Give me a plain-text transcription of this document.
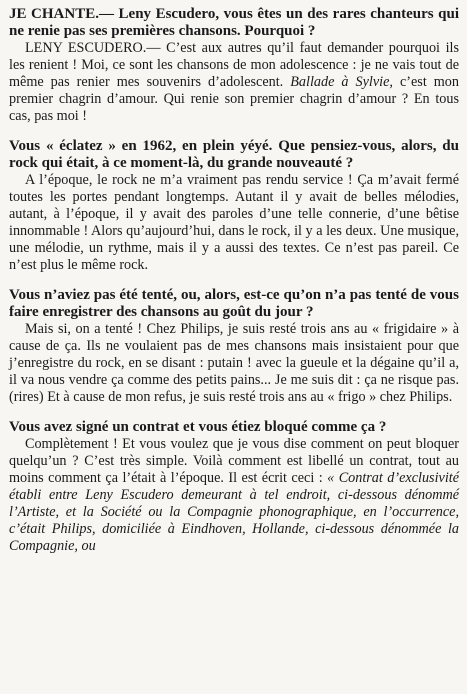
JE CHANTE.— Leny Escudero, vous êtes un des rares chanteurs qui ne renie pas ses premières chansons. Pourquoi ?

LENY ESCUDERO.— C’est aux autres qu’il faut demander pourquoi ils les renient ! Moi, ce sont les chansons de mon adolescence : je ne vais tout de même pas renier mes souvenirs d’adolescent. Ballade à Sylvie, c’est mon premier chagrin d’amour. Qui renie son premier chagrin d’amour ? En tous cas, pas moi !

Vous « éclatez » en 1962, en plein yéyé. Que pensiez-vous, alors, du rock qui était, à ce moment-là, du grande nouveauté ?

A l’époque, le rock ne m’a vraiment pas rendu service ! Ça m’avait fermé toutes les portes pendant longtemps. Autant il y avait de belles mélodies, autant, à l’époque, il y avait des paroles d’une telle connerie, d’une bêtise innommable ! Alors qu’aujourd’hui, dans le rock, il y a les deux. Une musique, une mélodie, un rythme, mais il y a aussi des textes. Ce n’est pas pareil. Ce n’est plus le même rock.

Vous n’aviez pas été tenté, ou, alors, est-ce qu’on n’a pas tenté de vous faire enregistrer des chansons au goût du jour ?

Mais si, on a tenté ! Chez Philips, je suis resté trois ans au « frigidaire » à cause de ça. Ils ne voulaient pas de mes chansons mais insistaient pour que j’enregistre du rock, en se disant : putain ! avec la gueule et la dégaine qu’il a, il va nous vendre ça comme des petits pains... Je me suis dit : ça ne risque pas. (rires) Et à cause de mon refus, je suis resté trois ans au « frigo » chez Philips.

Vous avez signé un contrat et vous étiez bloqué comme ça ?

Complètement ! Et vous voulez que je vous dise comment on peut bloquer quelqu’un ? C’est très simple. Voilà comment est libellé un contrat, tout au moins comment ça l’était à l’époque. Il est écrit ceci : « Contrat d’exclusivité établi entre Leny Escudero demeurant à tel endroit, ci-dessous dénommé l’Artiste, et la Société ou la Compagnie phonographique, en l’occurrence, c’était Philips, domiciliée à Eindhoven, Hollande, ci-dessous dénommée la Compagnie, ou
